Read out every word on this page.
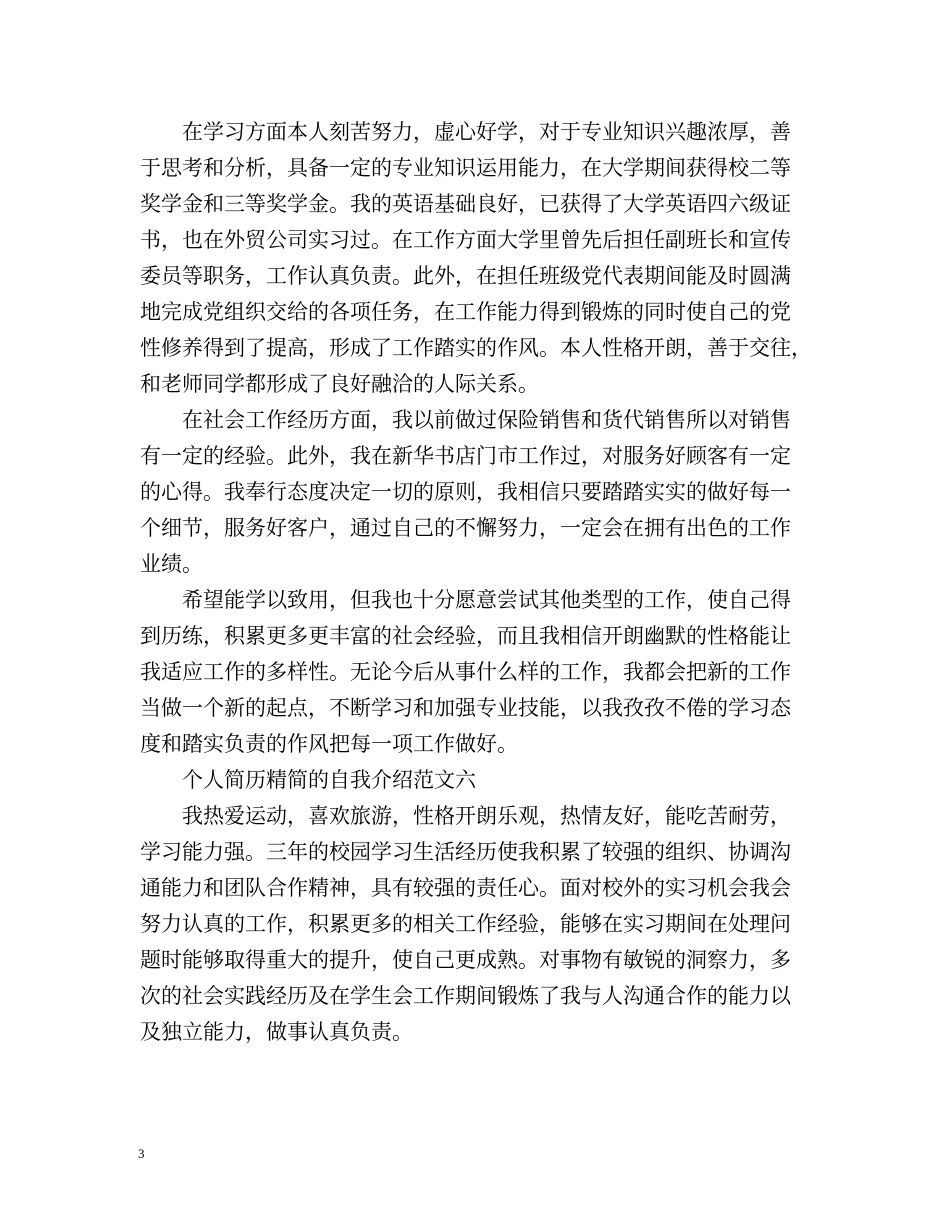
在学习方面本人刻苦努力，虚心好学，对于专业知识兴趣浓厚，善
于思考和分析，具备一定的专业知识运用能力，在大学期间获得校二等
奖学金和三等奖学金。我的英语基础良好，已获得了大学英语四六级证
书，也在外贸公司实习过。在工作方面大学里曾先后担任副班长和宣传
委员等职务，工作认真负责。此外，在担任班级党代表期间能及时圆满
地完成党组织交给的各项任务，在工作能力得到锻炼的同时使自己的党
性修养得到了提高，形成了工作踏实的作风。本人性格开朗，善于交往，
和老师同学都形成了良好融洽的人际关系。
在社会工作经历方面，我以前做过保险销售和货代销售所以对销售
有一定的经验。此外，我在新华书店门市工作过，对服务好顾客有一定
的心得。我奉行态度决定一切的原则，我相信只要踏踏实实的做好每一
个细节，服务好客户，通过自己的不懈努力，一定会在拥有出色的工作
业绩。
希望能学以致用，但我也十分愿意尝试其他类型的工作，使自己得
到历练，积累更多更丰富的社会经验，而且我相信开朗幽默的性格能让
我适应工作的多样性。无论今后从事什么样的工作，我都会把新的工作
当做一个新的起点，不断学习和加强专业技能，以我孜孜不倦的学习态
度和踏实负责的作风把每一项工作做好。
个人简历精简的自我介绍范文六
我热爱运动，喜欢旅游，性格开朗乐观，热情友好，能吃苦耐劳，
学习能力强。三年的校园学习生活经历使我积累了较强的组织、协调沟
通能力和团队合作精神，具有较强的责任心。面对校外的实习机会我会
努力认真的工作，积累更多的相关工作经验，能够在实习期间在处理问
题时能够取得重大的提升，使自己更成熟。对事物有敏锐的洞察力，多
次的社会实践经历及在学生会工作期间锻炼了我与人沟通合作的能力以
及独立能力，做事认真负责。
3
